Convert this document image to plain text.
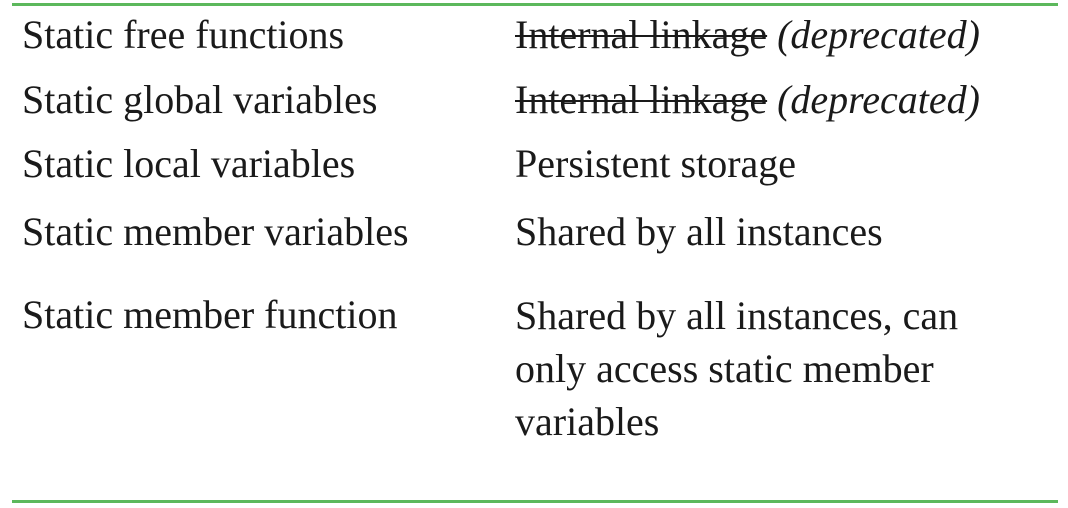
Static free functions	Internal linkage (deprecated)
Static global variables	Internal linkage (deprecated)
Static local variables	Persistent storage
Static member variables	Shared by all instances
Static member function	Shared by all instances, can only access static member variables
